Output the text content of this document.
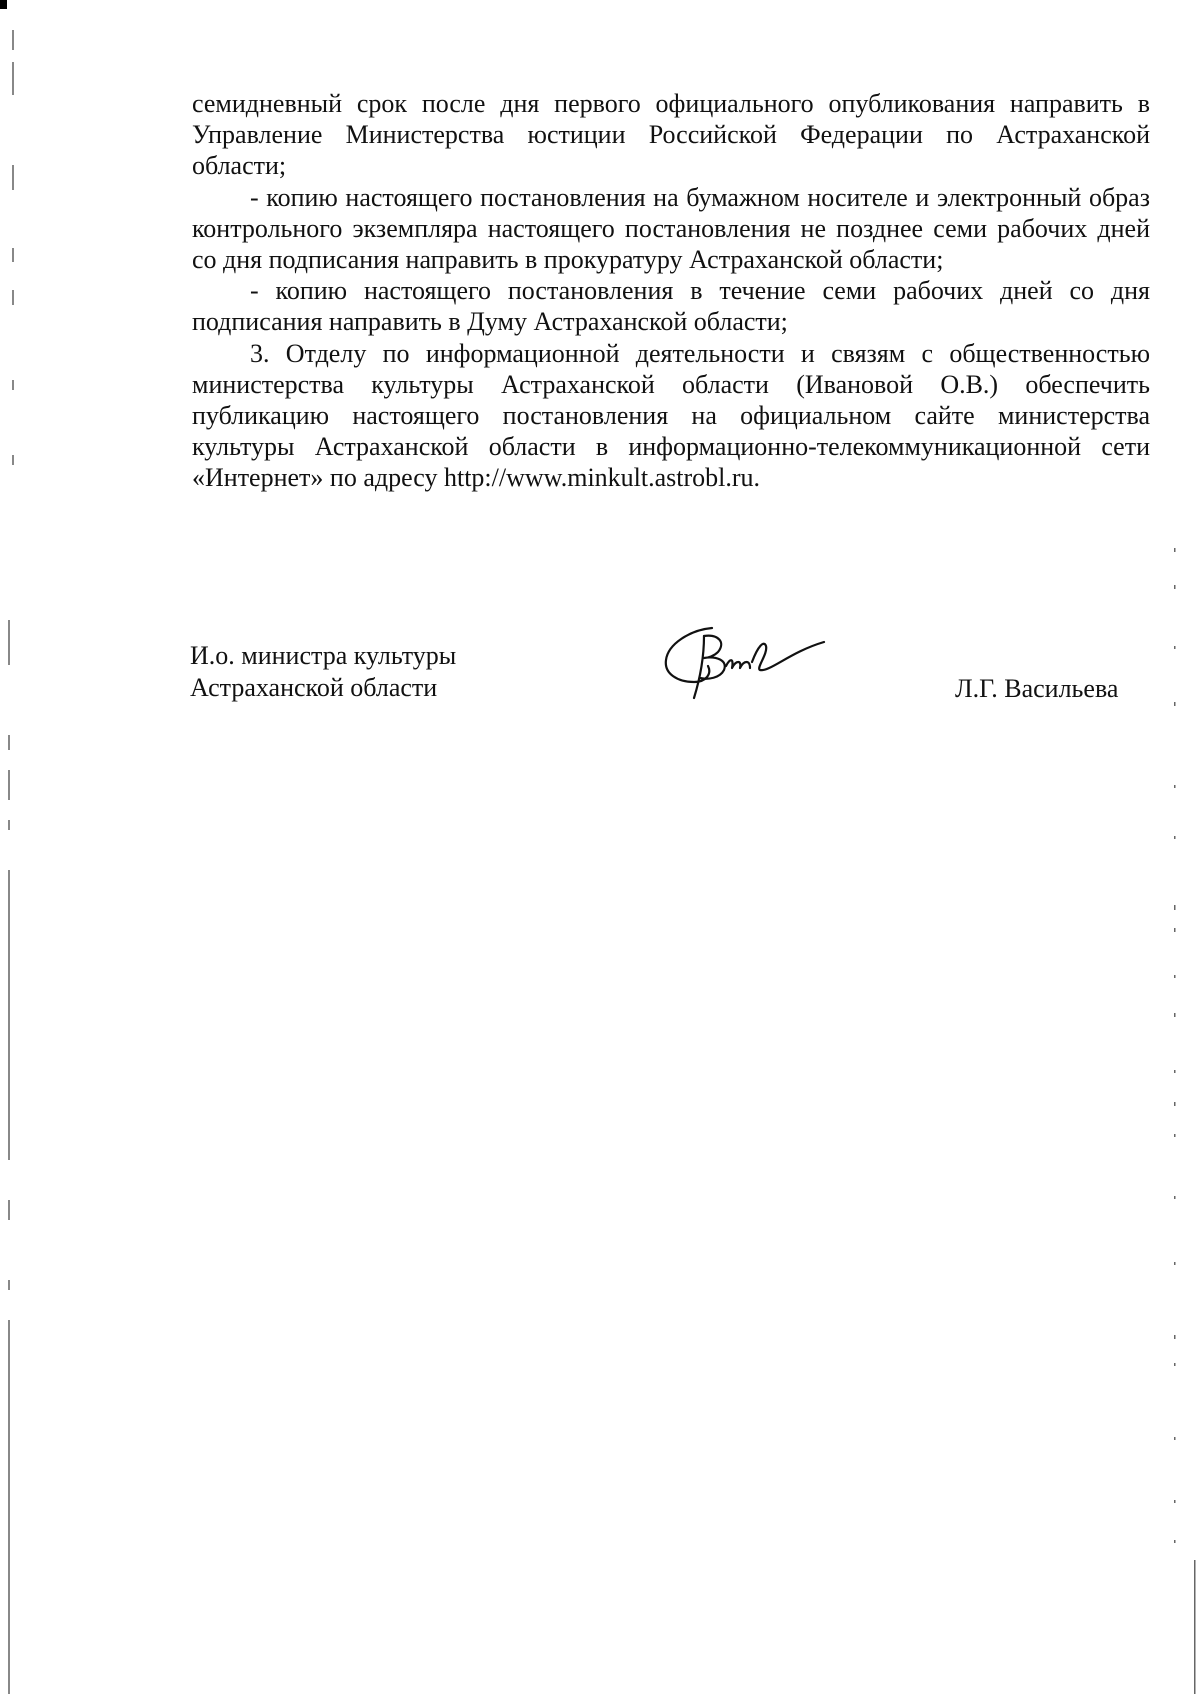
семидневный срок после дня первого официального опубликования направить в Управление Министерства юстиции Российской Федерации по Астраханской области;

- копию настоящего постановления на бумажном носителе и электронный образ контрольного экземпляра настоящего постановления не позднее семи рабочих дней со дня подписания направить в прокуратуру Астраханской области;

- копию настоящего постановления в течение семи рабочих дней со дня подписания направить в Думу Астраханской области;

3. Отделу по информационной деятельности и связям с общественностью министерства культуры Астраханской области (Ивановой О.В.) обеспечить публикацию настоящего постановления на официальном сайте министерства культуры Астраханской области в информационно-телекоммуникационной сети «Интернет» по адресу http://www.minkult.astrobl.ru.

И.о. министра культуры
Астраханской области	Л.Г. Васильева
